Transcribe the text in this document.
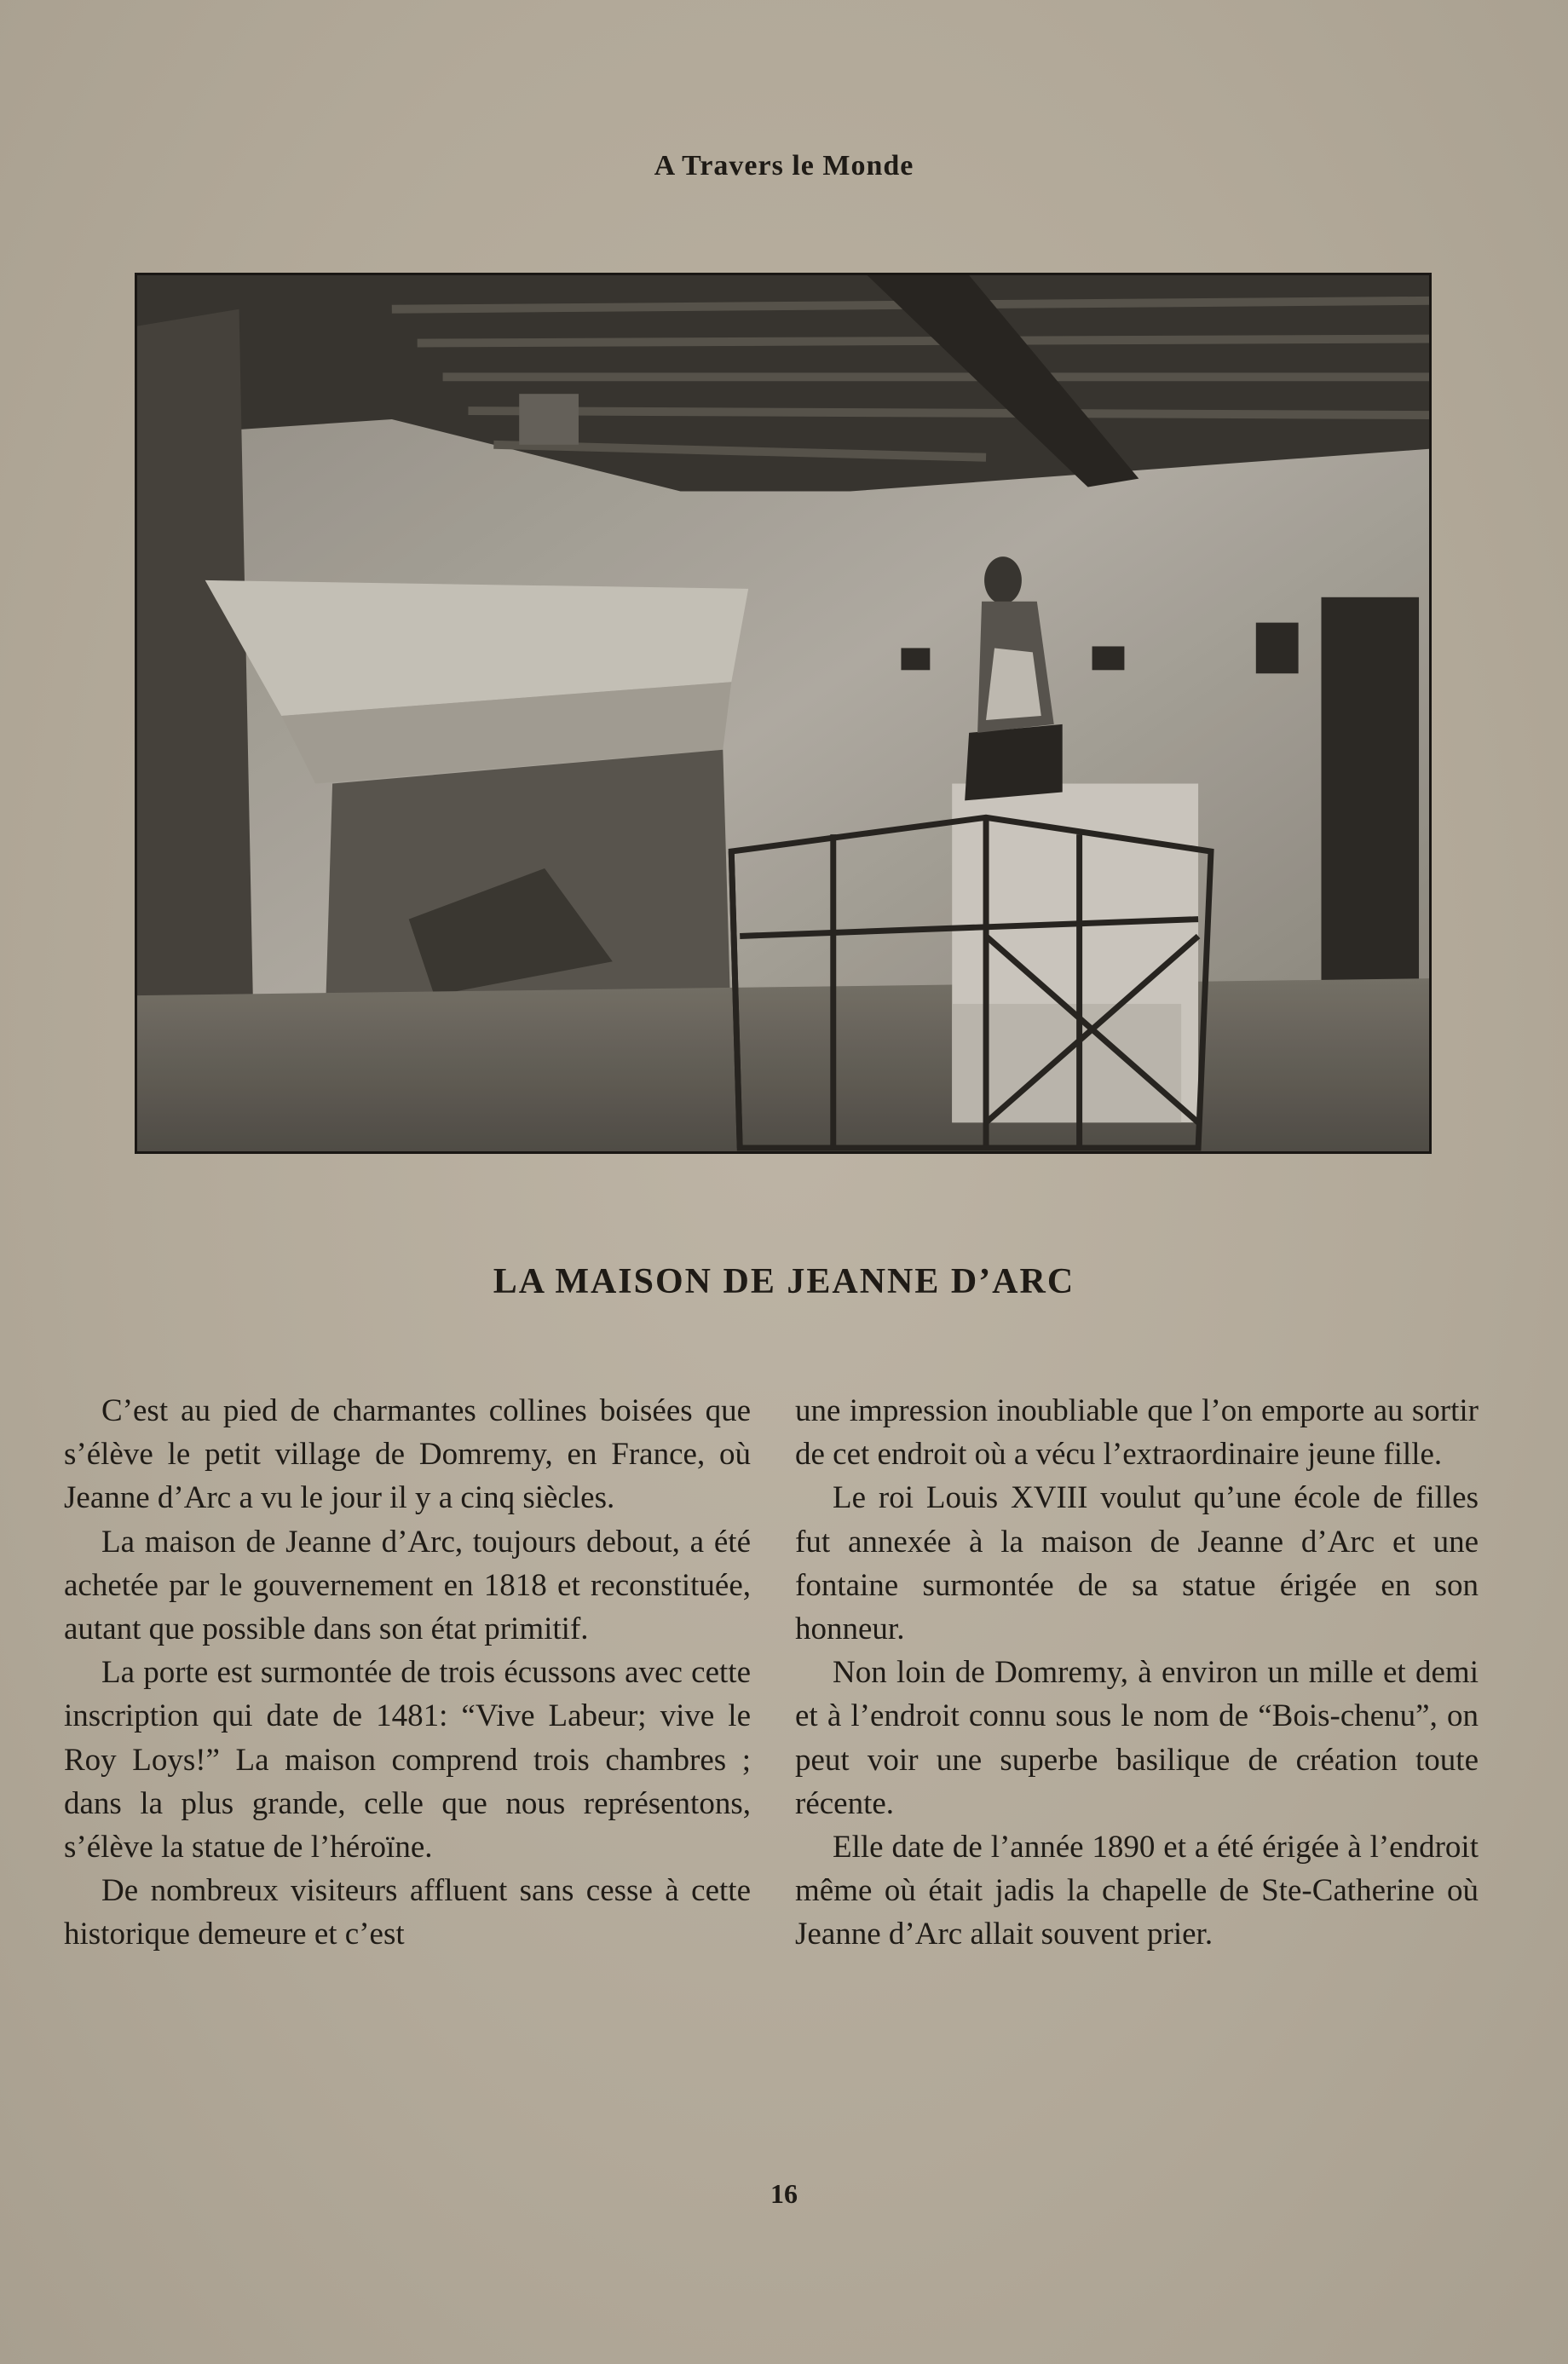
A Travers le Monde
LA MAISON DE JEANNE D’ARC

C’est au pied de charmantes collines boisées que s’élève le petit village de Domremy, en France, où Jeanne d’Arc a vu le jour il y a cinq siècles.

La maison de Jeanne d’Arc, toujours debout, a été achetée par le gouvernement en 1818 et reconstituée, autant que possible dans son état primitif.

La porte est surmontée de trois écussons avec cette inscription qui date de 1481: “Vive Labeur; vive le Roy Loys!” La maison comprend trois chambres ; dans la plus grande, celle que nous représentons, s’élève la statue de l’héroïne.

De nombreux visiteurs affluent sans cesse à cette historique demeure et c’est

une impression inoubliable que l’on emporte au sortir de cet endroit où a vécu l’extraordinaire jeune fille.

Le roi Louis XVIII voulut qu’une école de filles fut annexée à la maison de Jeanne d’Arc et une fontaine surmontée de sa statue érigée en son honneur.

Non loin de Domremy, à environ un mille et demi et à l’endroit connu sous le nom de “Bois-chenu”, on peut voir une superbe basilique de création toute récente.

Elle date de l’année 1890 et a été érigée à l’endroit même où était jadis la chapelle de Ste-Catherine où Jeanne d’Arc allait souvent prier.

16
